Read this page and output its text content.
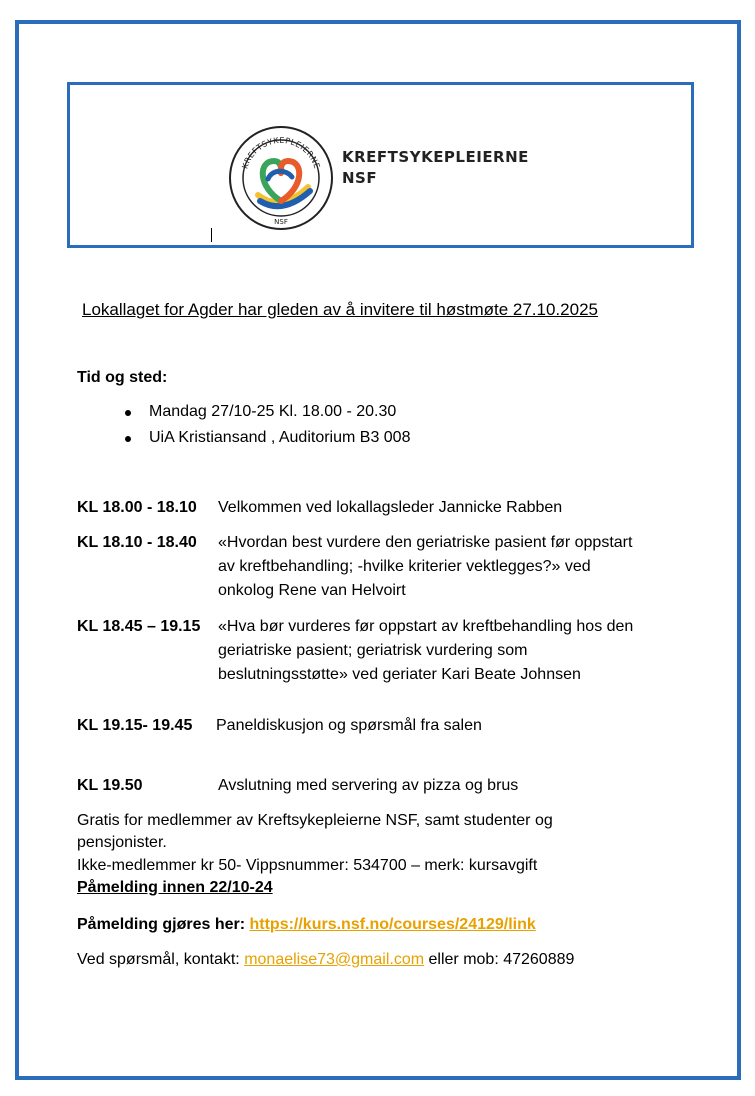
KREFTSYKEPLEIERNE
NSF
KREFTSYKEPLEIERNE
NSF
Lokallaget for Agder har gleden av å invitere til høstmøte 27.10.2025
Tid og sted:
Mandag 27/10-25 Kl. 18.00 - 20.30
UiA Kristiansand , Auditorium B3 008
KL 18.00 - 18.10 Velkommen ved lokallagsleder Jannicke Rabben
KL 18.10 - 18.40 «Hvordan best vurdere den geriatriske pasient før oppstart
av kreftbehandling; -hvilke kriterier vektlegges?» ved
onkolog Rene van Helvoirt
KL 18.45 – 19.15 «Hva bør vurderes før oppstart av kreftbehandling hos den
geriatriske pasient; geriatrisk vurdering som
beslutningsstøtte» ved geriater Kari Beate Johnsen
KL 19.15- 19.45 Paneldiskusjon og spørsmål fra salen
KL 19.50	Avslutning med servering av pizza og brus
Gratis for medlemmer av Kreftsykepleierne NSF, samt studenter og
pensjonister.
Ikke-medlemmer kr 50- Vippsnummer: 534700 – merk: kursavgift
Påmelding innen 22/10-24
Påmelding gjøres her: https://kurs.nsf.no/courses/24129/link
Ved spørsmål, kontakt: monaelise73@gmail.com eller mob: 47260889
